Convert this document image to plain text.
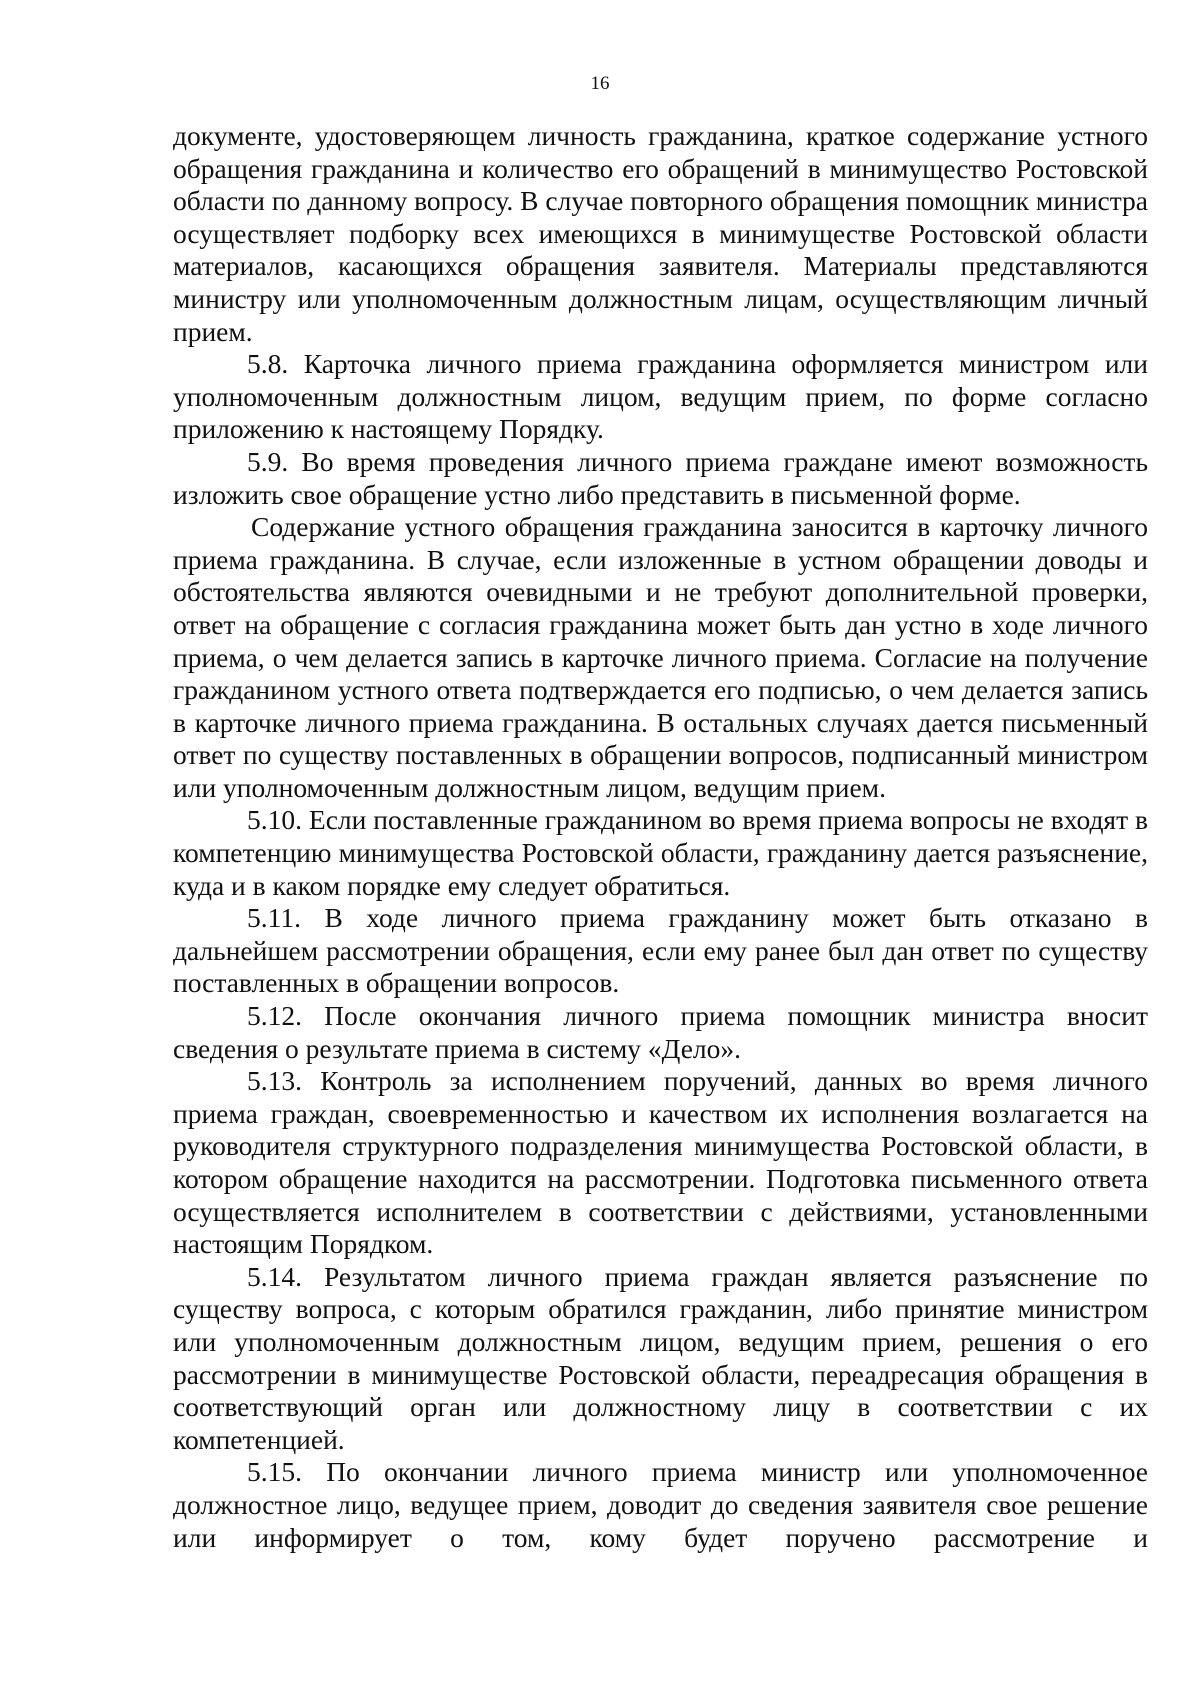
16

документе, удостоверяющем личность гражданина, краткое содержание устного обращения гражданина и количество его обращений в минимущество Ростовской области по данному вопросу. В случае повторного обращения помощник министра осуществляет подборку всех имеющихся в минимуществе Ростовской области материалов, касающихся обращения заявителя. Материалы представляются министру или уполномоченным должностным лицам, осуществляющим личный прием.

5.8. Карточка личного приема гражданина оформляется министром или уполномоченным должностным лицом, ведущим прием, по форме согласно приложению к настоящему Порядку.

5.9. Во время проведения личного приема граждане имеют возможность изложить свое обращение устно либо представить в письменной форме.

Содержание устного обращения гражданина заносится в карточку личного приема гражданина. В случае, если изложенные в устном обращении доводы и обстоятельства являются очевидными и не требуют дополнительной проверки, ответ на обращение с согласия гражданина может быть дан устно в ходе личного приема, о чем делается запись в карточке личного приема. Согласие на получение гражданином устного ответа подтверждается его подписью, о чем делается запись в карточке личного приема гражданина. В остальных случаях дается письменный ответ по существу поставленных в обращении вопросов, подписанный министром или уполномоченным должностным лицом, ведущим прием.

5.10. Если поставленные гражданином во время приема вопросы не входят в компетенцию минимущества Ростовской области, гражданину дается разъяснение, куда и в каком порядке ему следует обратиться.

5.11. В ходе личного приема гражданину может быть отказано в дальнейшем рассмотрении обращения, если ему ранее был дан ответ по существу поставленных в обращении вопросов.

5.12. После окончания личного приема помощник министра вносит сведения о результате приема в систему «Дело».

5.13. Контроль за исполнением поручений, данных во время личного приема граждан, своевременностью и качеством их исполнения возлагается на руководителя структурного подразделения минимущества Ростовской области, в котором обращение находится на рассмотрении. Подготовка письменного ответа осуществляется исполнителем в соответствии с действиями, установленными настоящим Порядком.

5.14. Результатом личного приема граждан является разъяснение по существу вопроса, с которым обратился гражданин, либо принятие министром или уполномоченным должностным лицом, ведущим прием, решения о его рассмотрении в минимуществе Ростовской области, переадресация обращения в соответствующий орган или должностному лицу в соответствии с их компетенцией.

5.15. По окончании личного приема министр или уполномоченное должностное лицо, ведущее прием, доводит до сведения заявителя свое решение или информирует о том, кому будет поручено рассмотрение и
